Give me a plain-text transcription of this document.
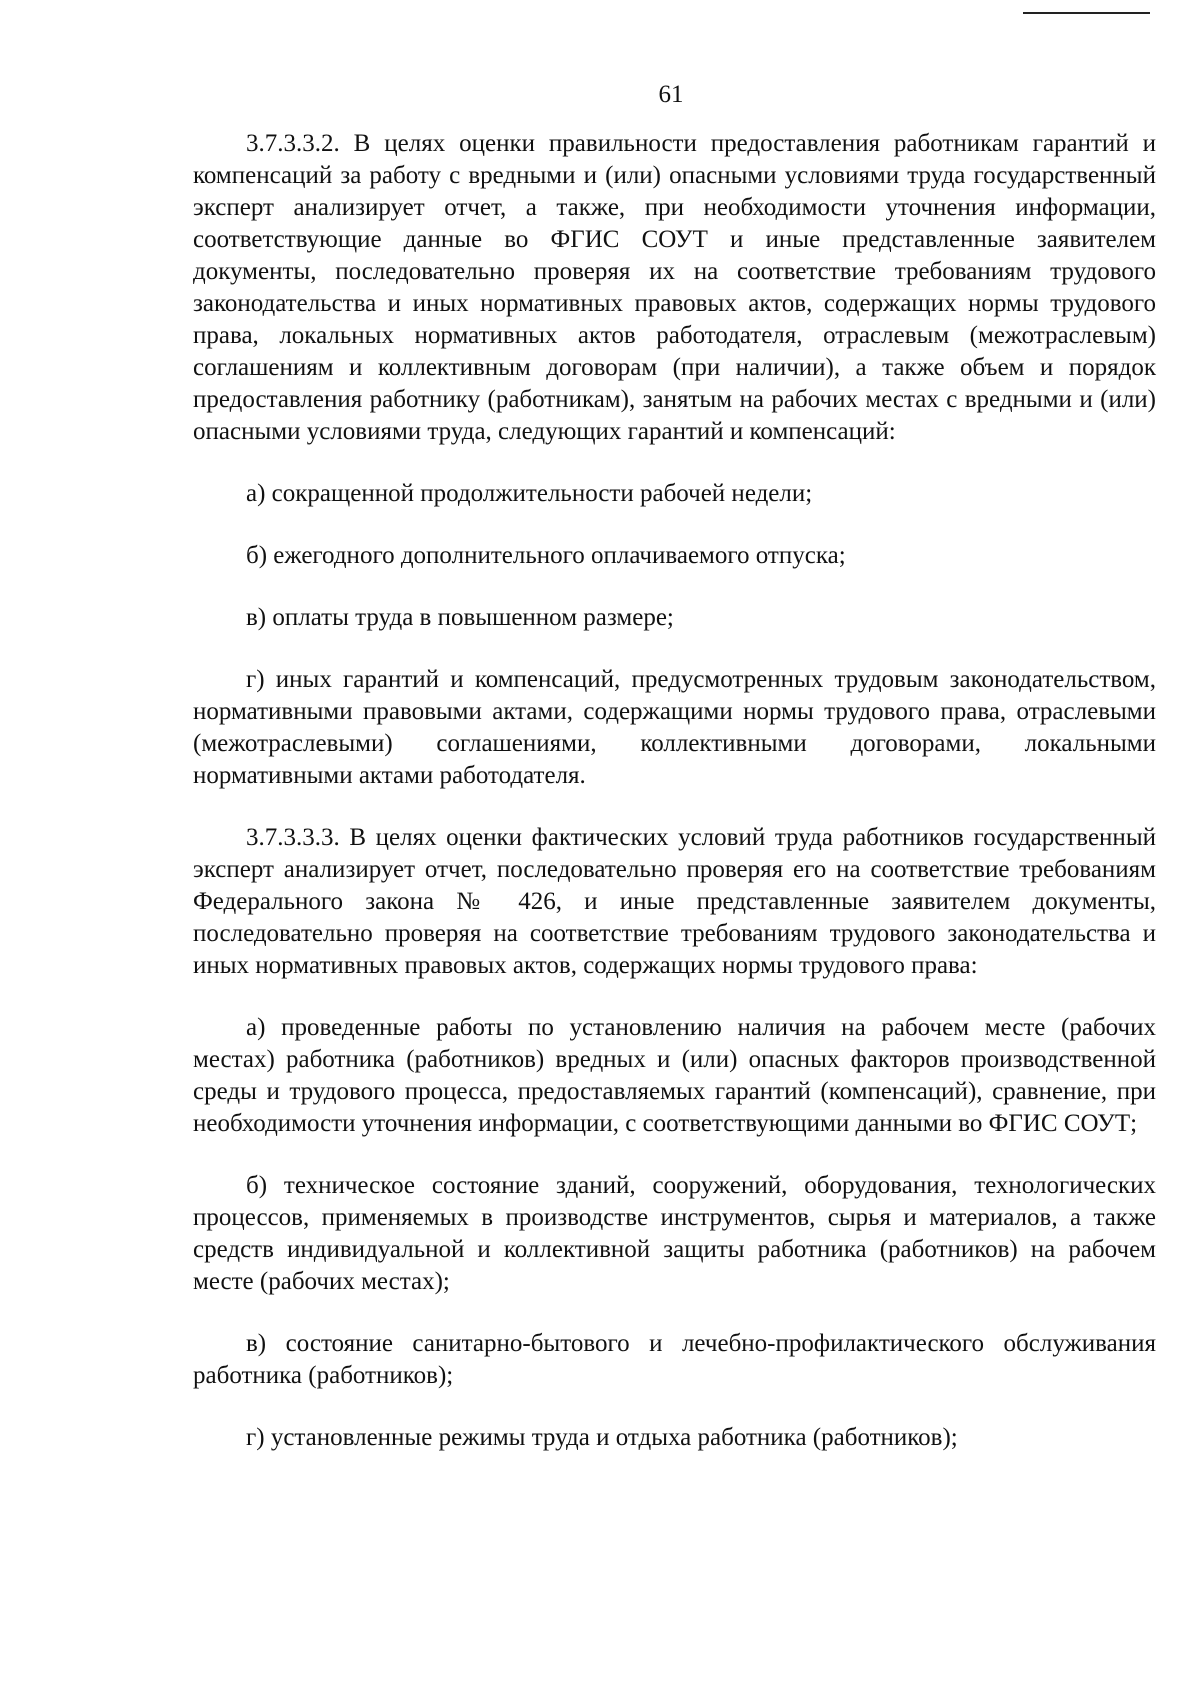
61

3.7.3.3.2. В целях оценки правильности предоставления работникам гарантий и компенсаций за работу с вредными и (или) опасными условиями труда государственный эксперт анализирует отчет, а также, при необходимости уточнения информации, соответствующие данные во ФГИС СОУТ и иные представленные заявителем документы, последовательно проверяя их на соответствие требованиям трудового законодательства и иных нормативных правовых актов, содержащих нормы трудового права, локальных нормативных актов работодателя, отраслевым (межотраслевым) соглашениям и коллективным договорам (при наличии), а также объем и порядок предоставления работнику (работникам), занятым на рабочих местах с вредными и (или) опасными условиями труда, следующих гарантий и компенсаций:

а) сокращенной продолжительности рабочей недели;

б) ежегодного дополнительного оплачиваемого отпуска;

в) оплаты труда в повышенном размере;

г) иных гарантий и компенсаций, предусмотренных трудовым законодательством, нормативными правовыми актами, содержащими нормы трудового права, отраслевыми (межотраслевыми) соглашениями, коллективными договорами, локальными нормативными актами работодателя.

3.7.3.3.3. В целях оценки фактических условий труда работников государственный эксперт анализирует отчет, последовательно проверяя его на соответствие требованиям Федерального закона № 426, и иные представленные заявителем документы, последовательно проверяя на соответствие требованиям трудового законодательства и иных нормативных правовых актов, содержащих нормы трудового права:

а) проведенные работы по установлению наличия на рабочем месте (рабочих местах) работника (работников) вредных и (или) опасных факторов производственной среды и трудового процесса, предоставляемых гарантий (компенсаций), сравнение, при необходимости уточнения информации, с соответствующими данными во ФГИС СОУТ;

б) техническое состояние зданий, сооружений, оборудования, технологических процессов, применяемых в производстве инструментов, сырья и материалов, а также средств индивидуальной и коллективной защиты работника (работников) на рабочем месте (рабочих местах);

в) состояние санитарно-бытового и лечебно-профилактического обслуживания работника (работников);

г) установленные режимы труда и отдыха работника (работников);
